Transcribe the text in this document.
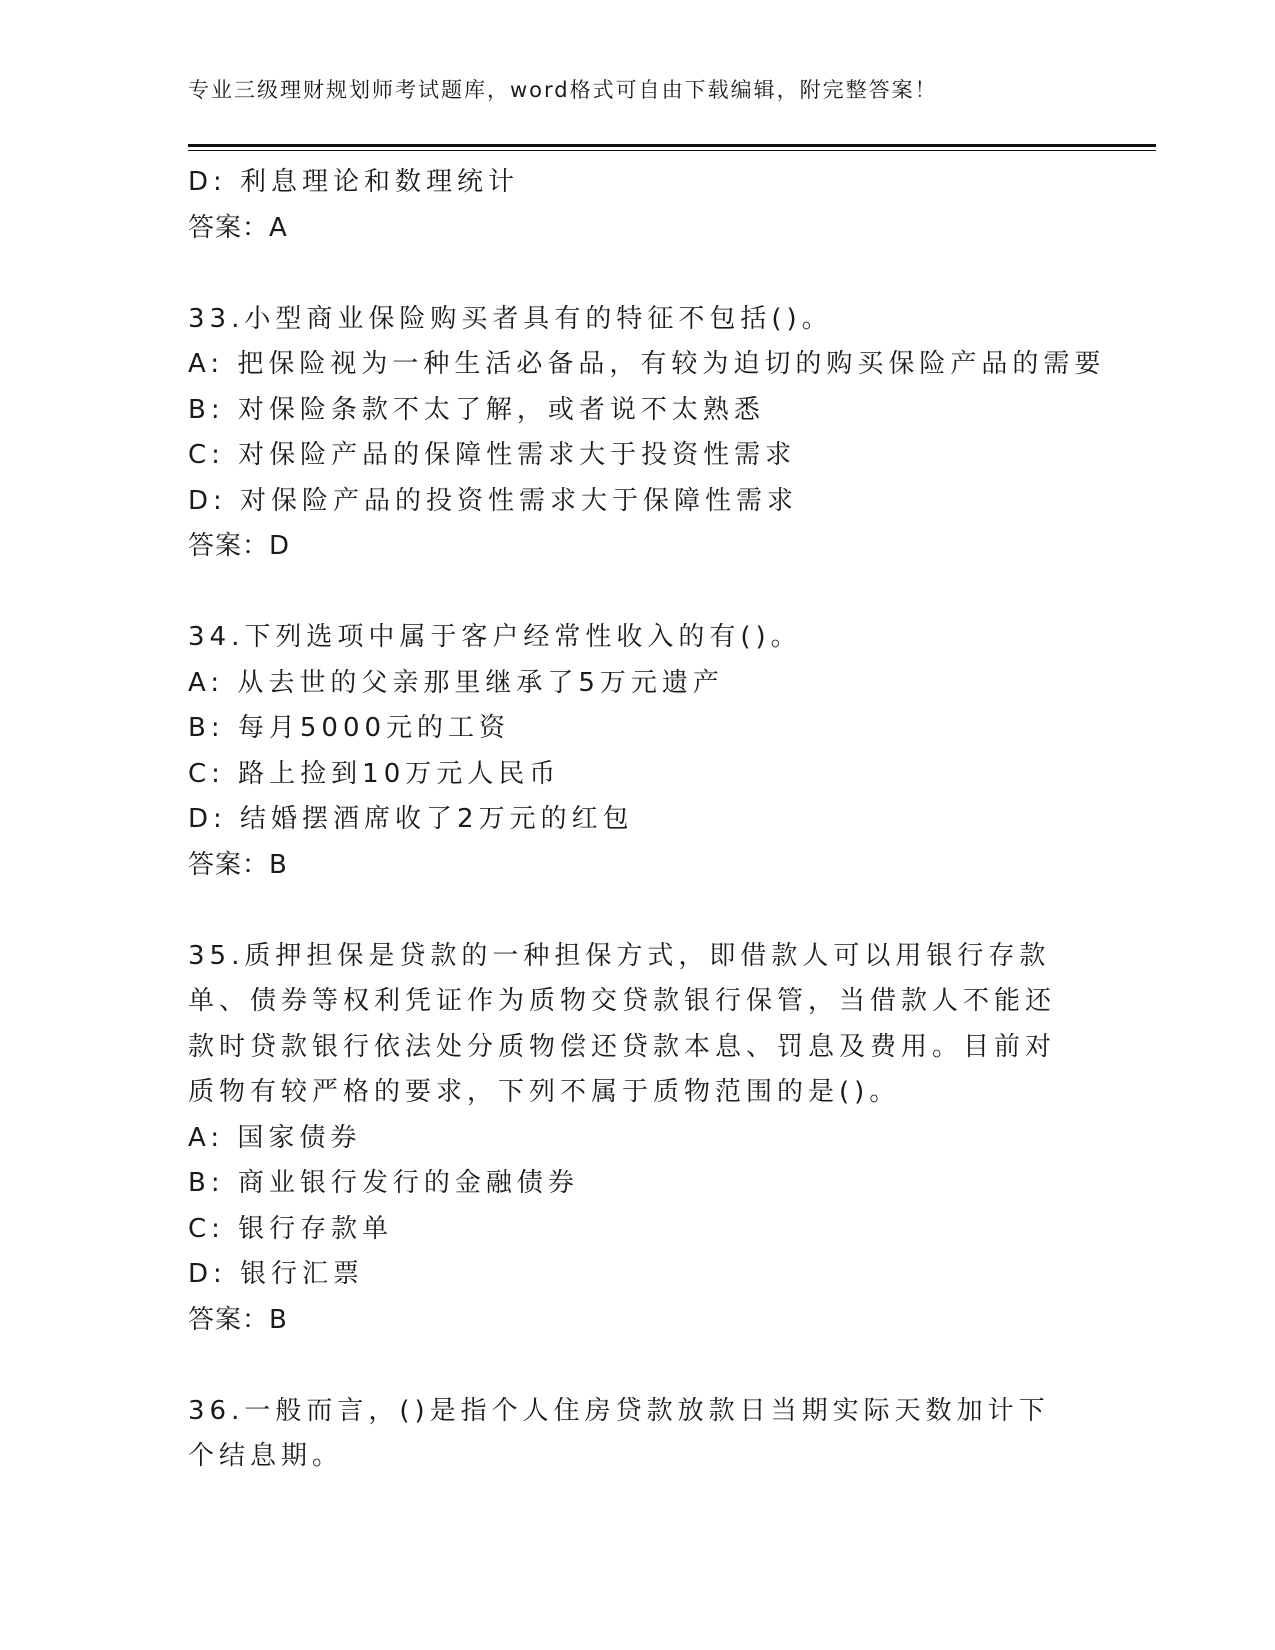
专业三级理财规划师考试题库，word格式可自由下载编辑，附完整答案！
D: 利息理论和数理统计
答案：A
33.小型商业保险购买者具有的特征不包括()。
A: 把保险视为一种生活必备品，有较为迫切的购买保险产品的需要
B: 对保险条款不太了解，或者说不太熟悉
C: 对保险产品的保障性需求大于投资性需求
D: 对保险产品的投资性需求大于保障性需求
答案：D
34.下列选项中属于客户经常性收入的有()。
A: 从去世的父亲那里继承了5万元遗产
B: 每月5000元的工资
C: 路上捡到10万元人民币
D: 结婚摆酒席收了2万元的红包
答案：B
35.质押担保是贷款的一种担保方式，即借款人可以用银行存款单、债券等权利凭证作为质物交贷款银行保管，当借款人不能还款时贷款银行依法处分质物偿还贷款本息、罚息及费用。目前对质物有较严格的要求，下列不属于质物范围的是()。
A: 国家债券
B: 商业银行发行的金融债券
C: 银行存款单
D: 银行汇票
答案：B
36.一般而言，()是指个人住房贷款放款日当期实际天数加计下个结息期。
